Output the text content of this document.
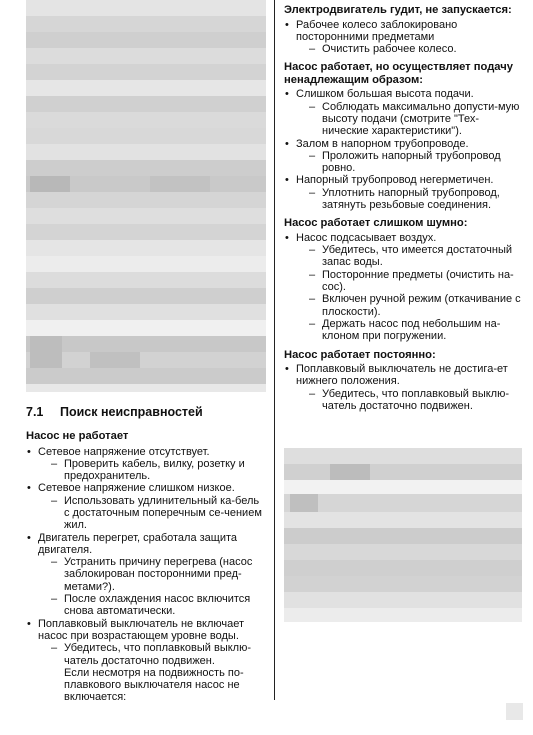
7.1 Поиск неисправностей

Насос не работает

• Сетевое напряжение отсутствует.
– Проверить кабель, вилку, розетку и предохранитель.
• Сетевое напряжение слишком низкое.
– Использовать удлинительный ка-бель с достаточным поперечным се-чением жил.
• Двигатель перегрет, сработала защита двигателя.
– Устранить причину перегрева (насос заблокирован посторонними пред-метами?).
– После охлаждения насос включится снова автоматически.
• Поплавковый выключатель не включает насос при возрастающем уровне воды.
– Убедитесь, что поплавковый выклю-чатель достаточно подвижен.
Если несмотря на подвижность по-плавкового выключателя насос не включается:

Электродвигатель гудит, не запускается:

• Рабочее колесо заблокировано посторонними предметами
– Очистить рабочее колесо.

Насос работает, но осуществляет подачу ненадлежащим образом:

• Слишком большая высота подачи.
– Соблюдать максимально допусти-мую высоту подачи (смотрите "Тех-нические характеристики").
• Залом в напорном трубопроводе.
– Проложить напорный трубопровод ровно.
• Напорный трубопровод негерметичен.
– Уплотнить напорный трубопровод, затянуть резьбовые соединения.

Насос работает слишком шумно:

• Насос подсасывает воздух.
– Убедитесь, что имеется достаточный запас воды.
– Посторонние предметы (очистить на-сос).
– Включен ручной режим (откачивание с плоскости).
– Держать насос под небольшим на-клоном при погружении.

Насос работает постоянно:

• Поплавковый выключатель не достига-ет нижнего положения.
– Убедитесь, что поплавковый выклю-чатель достаточно подвижен.
